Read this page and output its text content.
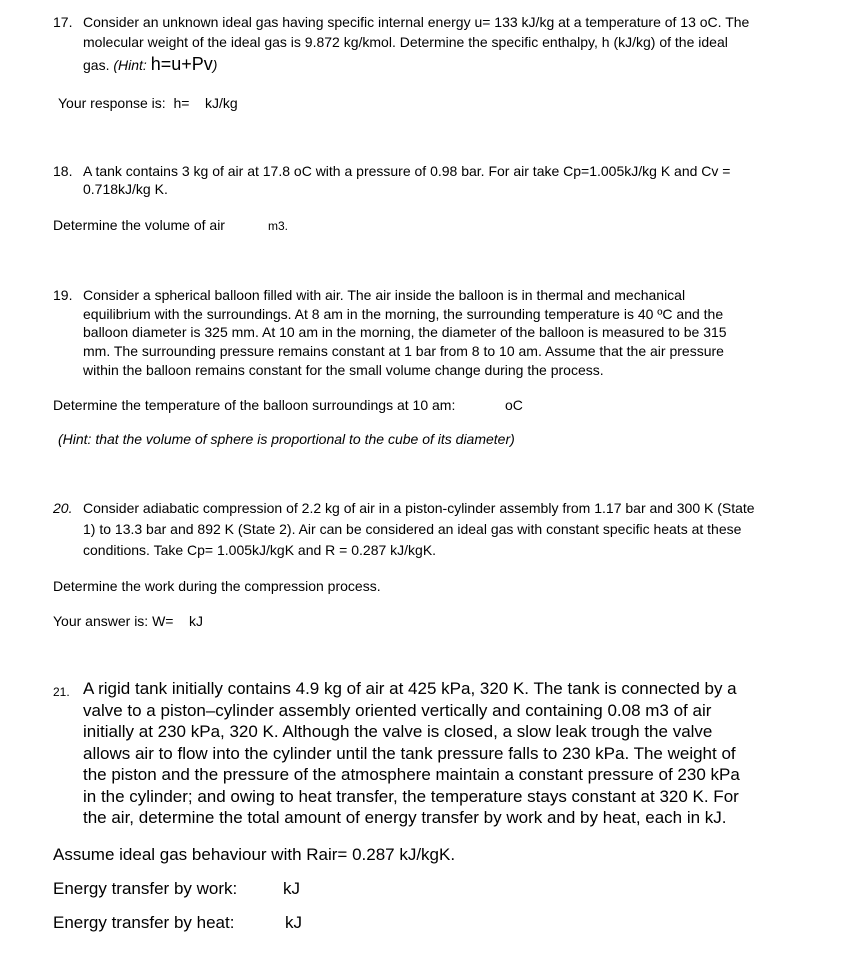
17. Consider an unknown ideal gas having specific internal energy u= 133 kJ/kg at a temperature of 13 oC. The
molecular weight of the ideal gas is 9.872 kg/kmol. Determine the specific enthalpy, h (kJ/kg) of the ideal
gas. (Hint: h=u+Pv)
Your response is:  h=    kJ/kg
18. A tank contains 3 kg of air at 17.8 oC with a pressure of 0.98 bar. For air take Cp=1.005kJ/kg K and Cv =
0.718kJ/kg K.
Determine the volume of air	m3.
19. Consider a spherical balloon filled with air. The air inside the balloon is in thermal and mechanical
equilibrium with the surroundings. At 8 am in the morning, the surrounding temperature is 40 ºC and the
balloon diameter is 325 mm. At 10 am in the morning, the diameter of the balloon is measured to be 315
mm. The surrounding pressure remains constant at 1 bar from 8 to 10 am. Assume that the air pressure
within the balloon remains constant for the small volume change during the process.
Determine the temperature of the balloon surroundings at 10 am:	oC
(Hint: that the volume of sphere is proportional to the cube of its diameter)
20. Consider adiabatic compression of 2.2 kg of air in a piston-cylinder assembly from 1.17 bar and 300 K (State
1) to 13.3 bar and 892 K (State 2). Air can be considered an ideal gas with constant specific heats at these
conditions. Take Cp= 1.005kJ/kgK and R = 0.287 kJ/kgK.
Determine the work during the compression process.
Your answer is: W=    kJ
21. A rigid tank initially contains 4.9 kg of air at 425 kPa, 320 K. The tank is connected by a
valve to a piston–cylinder assembly oriented vertically and containing 0.08 m3 of air
initially at 230 kPa, 320 K. Although the valve is closed, a slow leak trough the valve
allows air to flow into the cylinder until the tank pressure falls to 230 kPa. The weight of
the piston and the pressure of the atmosphere maintain a constant pressure of 230 kPa
in the cylinder; and owing to heat transfer, the temperature stays constant at 320 K. For
the air, determine the total amount of energy transfer by work and by heat, each in kJ.
Assume ideal gas behaviour with Rair= 0.287 kJ/kgK.
Energy transfer by work:	kJ
Energy transfer by heat:	kJ
